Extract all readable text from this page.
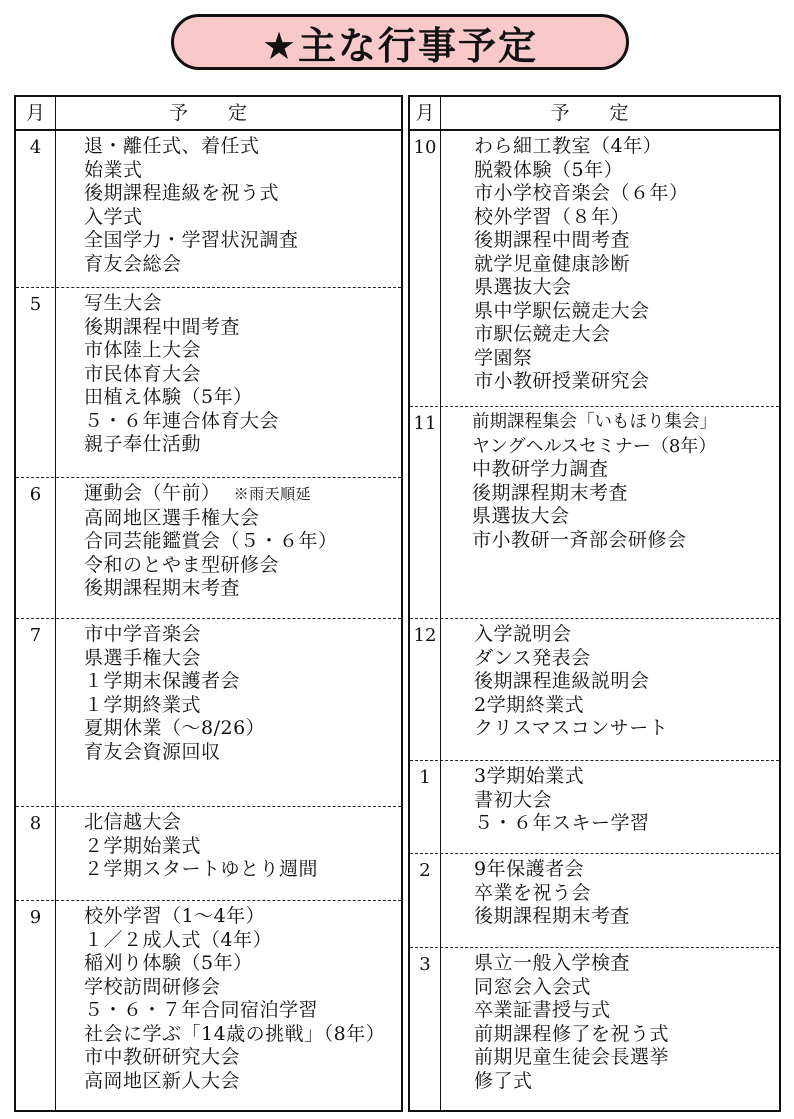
★主な行事予定
月	予定
4	退・離任式、着任式
始業式
後期課程進級を祝う式
入学式
全国学力・学習状況調査
育友会総会
5	写生大会
後期課程中間考査
市体陸上大会
市民体育大会
田植え体験（5年）
５・６年連合体育大会
親子奉仕活動
6	運動会（午前） ※雨天順延
高岡地区選手権大会
合同芸能鑑賞会（５・６年）
令和のとやま型研修会
後期課程期末考査
7	市中学音楽会
県選手権大会
１学期末保護者会
１学期終業式
夏期休業（～8/26）
育友会資源回収
8	北信越大会
２学期始業式
２学期スタートゆとり週間
9	校外学習（1～4年）
１／２成人式（4年）
稲刈り体験（5年）
学校訪問研修会
５・６・７年合同宿泊学習
社会に学ぶ「14歳の挑戦」（8年）
市中教研研究大会
高岡地区新人大会
月	予定
10 わら細工教室（4年）
脱穀体験（5年）
市小学校音楽会（６年）
校外学習（８年）
後期課程中間考査
就学児童健康診断
県選抜大会
県中学駅伝競走大会
市駅伝競走大会
学園祭
市小教研授業研究会
11 前期課程集会「いもほり集会」
ヤングヘルスセミナー（8年）
中教研学力調査
後期課程期末考査
県選抜大会
市小教研一斉部会研修会
12 入学説明会
ダンス発表会
後期課程進級説明会
2学期終業式
クリスマスコンサート
1	3学期始業式
書初大会
５・６年スキー学習
2	9年保護者会
卒業を祝う会
後期課程期末考査
3	県立一般入学検査
同窓会入会式
卒業証書授与式
前期課程修了を祝う式
前期児童生徒会長選挙
修了式
